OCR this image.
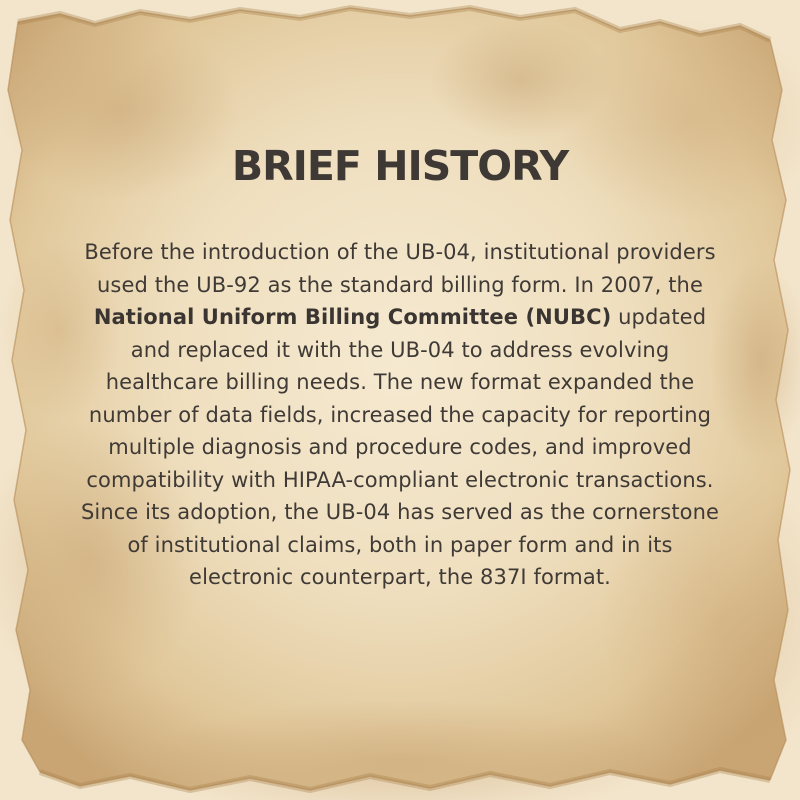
BRIEF HISTORY

Before the introduction of the UB-04, institutional providers used the UB-92 as the standard billing form. In 2007, the National Uniform Billing Committee (NUBC) updated and replaced it with the UB-04 to address evolving healthcare billing needs. The new format expanded the number of data fields, increased the capacity for reporting multiple diagnosis and procedure codes, and improved compatibility with HIPAA-compliant electronic transactions. Since its adoption, the UB-04 has served as the cornerstone of institutional claims, both in paper form and in its electronic counterpart, the 837I format.
